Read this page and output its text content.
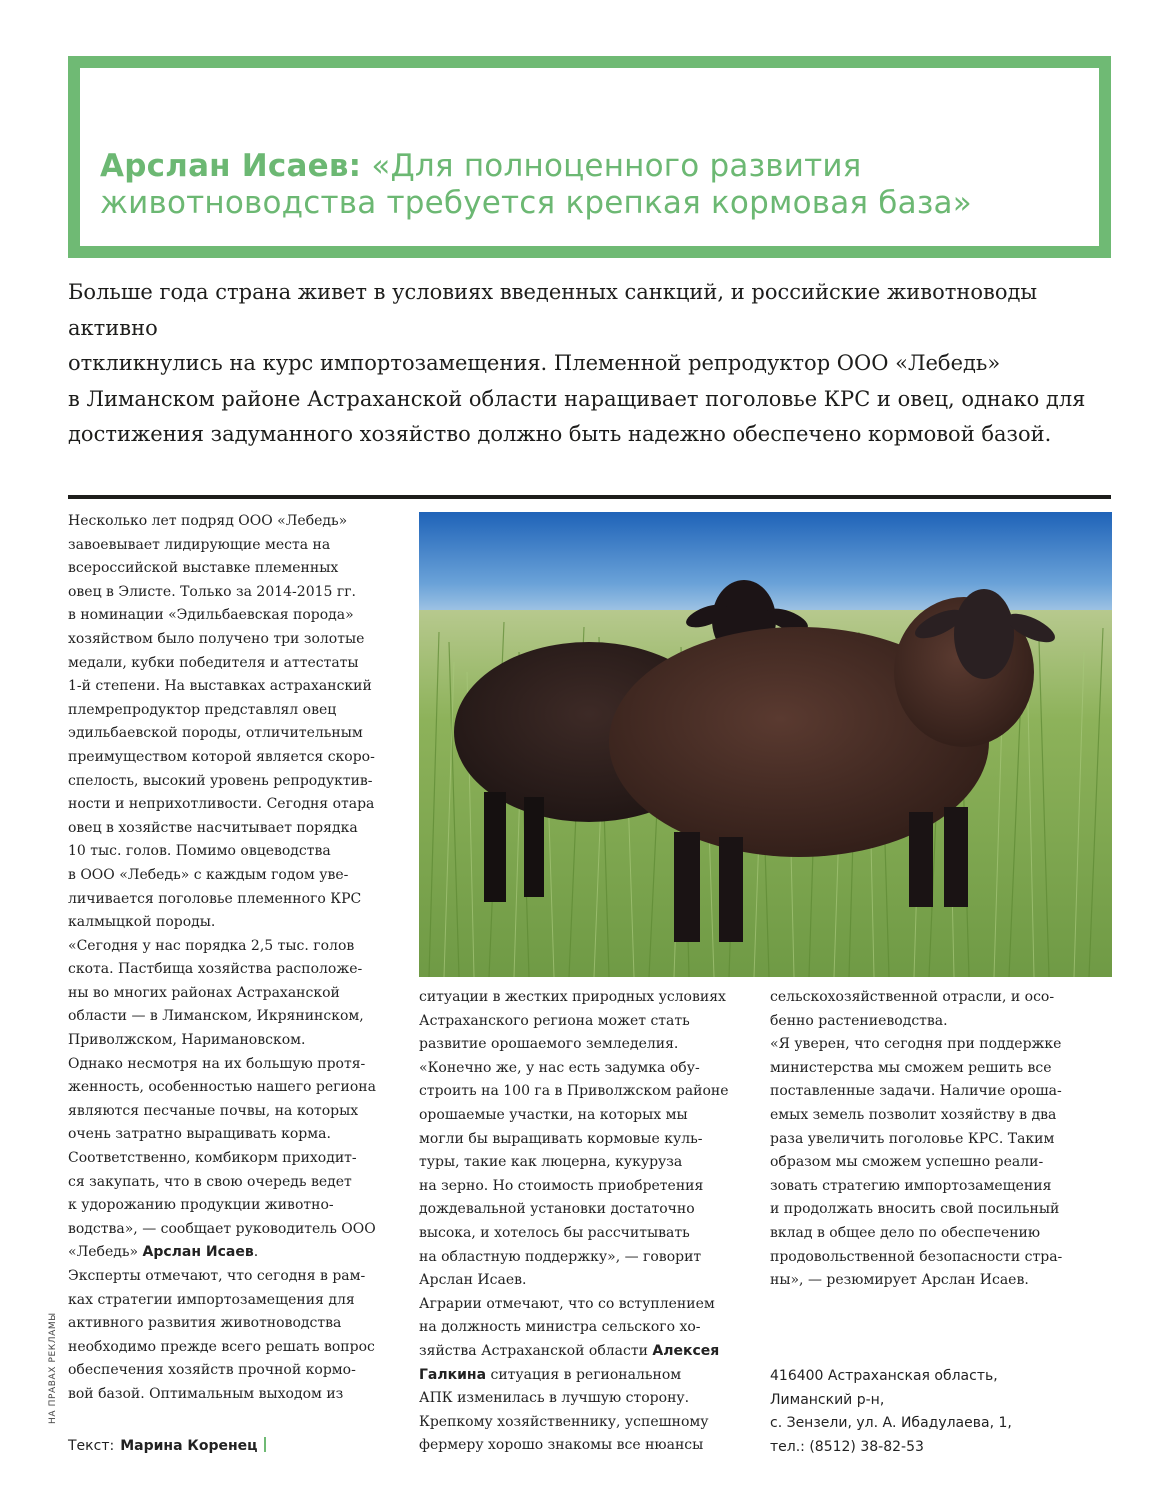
Арслан Исаев: «Для полноценного развития
животноводства требуется крепкая кормовая база»
Больше года страна живет в условиях введенных санкций, и российские животноводы активно
откликнулись на курс импортозамещения. Племенной репродуктор ООО «Лебедь»
в Лиманском районе Астраханской области наращивает поголовье КРС и овец, однако для
достижения задуманного хозяйство должно быть надежно обеспечено кормовой базой.
Несколько лет подряд ООО «Лебедь»
завоевывает лидирующие места на
всероссийской выставке племенных
овец в Элисте. Только за 2014-2015 гг.
в номинации «Эдильбаевская порода»
хозяйством было получено три золотые
медали, кубки победителя и аттестаты
1-й степени. На выставках астраханский
племрепродуктор представлял овец
эдильбаевской породы, отличительным
преимуществом которой является скоро-
спелость, высокий уровень репродуктив-
ности и неприхотливости. Сегодня отара
овец в хозяйстве насчитывает порядка
10 тыс. голов. Помимо овцеводства
в ООО «Лебедь» с каждым годом уве-
личивается поголовье племенного КРС
калмыцкой породы.
«Сегодня у нас порядка 2,5 тыс. голов
скота. Пастбища хозяйства расположе-
ны во многих районах Астраханской
области — в Лиманском, Икрянинском,
Приволжском, Наримановском.
Однако несмотря на их большую протя-
женность, особенностью нашего региона
являются песчаные почвы, на которых
очень затратно выращивать корма.
Соответственно, комбикорм приходит-
ся закупать, что в свою очередь ведет
к удорожанию продукции животно-
водства», — сообщает руководитель ООО
«Лебедь» Арслан Исаев.
Эксперты отмечают, что сегодня в рам-
ках стратегии импортозамещения для
активного развития животноводства
необходимо прежде всего решать вопрос
обеспечения хозяйств прочной кормо-
вой базой. Оптимальным выходом из
ситуации в жестких природных условиях
Астраханского региона может стать
развитие орошаемого земледелия.
«Конечно же, у нас есть задумка обу-
строить на 100 га в Приволжском районе
орошаемые участки, на которых мы
могли бы выращивать кормовые куль-
туры, такие как люцерна, кукуруза
на зерно. Но стоимость приобретения
дождевальной установки достаточно
высока, и хотелось бы рассчитывать
на областную поддержку», — говорит
Арслан Исаев.
Аграрии отмечают, что со вступлением
на должность министра сельского хо-
зяйства Астраханской области Алексея
Галкина ситуация в региональном
АПК изменилась в лучшую сторону.
Крепкому хозяйственнику, успешному
фермеру хорошо знакомы все нюансы
сельскохозяйственной отрасли, и осо-
бенно растениеводства.
«Я уверен, что сегодня при поддержке
министерства мы сможем решить все
поставленные задачи. Наличие ороша-
емых земель позволит хозяйству в два
раза увеличить поголовье КРС. Таким
образом мы сможем успешно реали-
зовать стратегию импортозамещения
и продолжать вносить свой посильный
вклад в общее дело по обеспечению
продовольственной безопасности стра-
ны», — резюмирует Арслан Исаев.
416400 Астраханская область,
Лиманский р-н,
с. Зензели, ул. А. Ибадулаева, 1,
тел.: (8512) 38-82-53
Текст: Марина Коренец
НА ПРАВАХ РЕКЛАМЫ
